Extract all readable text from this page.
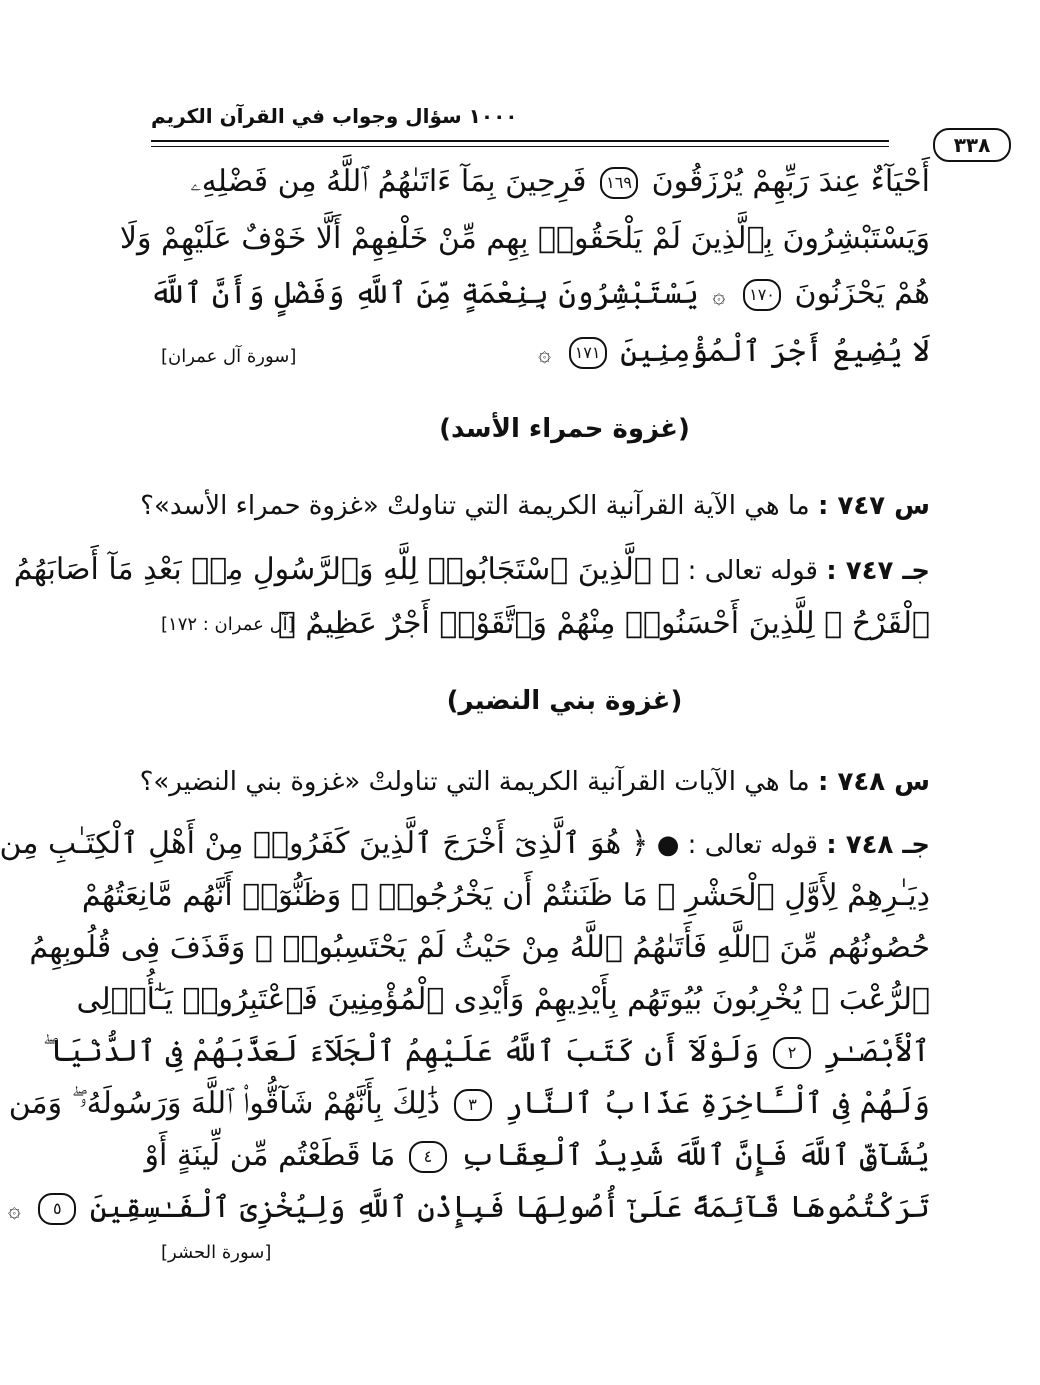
١٠٠٠ سؤال وجواب في القرآن الكريم
٣٣٨
أَحْيَآءٌ عِندَ رَبِّهِمْ يُرْزَقُونَ ١٦٩ فَرِحِينَ بِمَآ ءَاتَىٰهُمُ ٱللَّهُ مِن فَضْلِهِۦ
وَيَسْتَبْشِرُونَ بِٱلَّذِينَ لَمْ يَلْحَقُوا۟ بِهِم مِّنْ خَلْفِهِمْ أَلَّا خَوْفٌ عَلَيْهِمْ وَلَا
هُمْ يَحْزَنُونَ ١٧٠ ۞ يَسْتَبْشِرُونَ بِنِعْمَةٍ مِّنَ ٱللَّهِ وَفَضْلٍ وَأَنَّ ٱللَّهَ
لَا يُضِيعُ أَجْرَ ٱلْمُؤْمِنِينَ ١٧١ ۞
[سورة آل عمران]
(غزوة حمراء الأسد)
س ٧٤٧ : ما هي الآية القرآنية الكريمة التي تناولتْ «غزوة حمراء الأسد»؟
جـ ٧٤٧ : قوله تعالى : ﴿ ٱلَّذِينَ ٱسْتَجَابُوا۟ لِلَّهِ وَٱلرَّسُولِ مِنۢ بَعْدِ مَآ أَصَابَهُمُ
ٱلْقَرْحُ ۚ لِلَّذِينَ أَحْسَنُوا۟ مِنْهُمْ وَٱتَّقَوْا۟ أَجْرٌ عَظِيمٌ ﴾
[آل عمران : ١٧٢]
(غزوة بني النضير)
س ٧٤٨ : ما هي الآيات القرآنية الكريمة التي تناولتْ «غزوة بني النضير»؟
جـ ٧٤٨ : قوله تعالى : ● ﴿ هُوَ ٱلَّذِىٓ أَخْرَجَ ٱلَّذِينَ كَفَرُوا۟ مِنْ أَهْلِ ٱلْكِتَـٰبِ مِن
دِيَـٰرِهِمْ لِأَوَّلِ ٱلْحَشْرِ ۚ مَا ظَنَنتُمْ أَن يَخْرُجُوا۟ ۖ وَظَنُّوٓا۟ أَنَّهُم مَّانِعَتُهُمْ
حُصُونُهُم مِّنَ ٱللَّهِ فَأَتَىٰهُمُ ٱللَّهُ مِنْ حَيْثُ لَمْ يَحْتَسِبُوا۟ ۖ وَقَذَفَ فِى قُلُوبِهِمُ
ٱلرُّعْبَ ۚ يُخْرِبُونَ بُيُوتَهُم بِأَيْدِيهِمْ وَأَيْدِى ٱلْمُؤْمِنِينَ فَٱعْتَبِرُوا۟ يَـٰٓأُو۟لِى
ٱلْأَبْصَـٰرِ ٢ وَلَوْلَآ أَن كَتَبَ ٱللَّهُ عَلَيْهِمُ ٱلْجَلَآءَ لَعَذَّبَهُمْ فِى ٱلدُّنْيَا ۖ
وَلَهُمْ فِى ٱلْـَٔاخِرَةِ عَذَابُ ٱلنَّارِ ٣ ذَٰلِكَ بِأَنَّهُمْ شَآقُّوا۟ ٱللَّهَ وَرَسُولَهُۥ ۖ وَمَن
يُشَآقِّ ٱللَّهَ فَإِنَّ ٱللَّهَ شَدِيدُ ٱلْعِقَابِ ٤ مَا قَطَعْتُم مِّن لِّينَةٍ أَوْ
تَرَكْتُمُوهَا قَآئِمَةً عَلَىٰٓ أُصُولِهَا فَبِإِذْنِ ٱللَّهِ وَلِيُخْزِىَ ٱلْفَـٰسِقِينَ ٥ ۞
[سورة الحشر]
